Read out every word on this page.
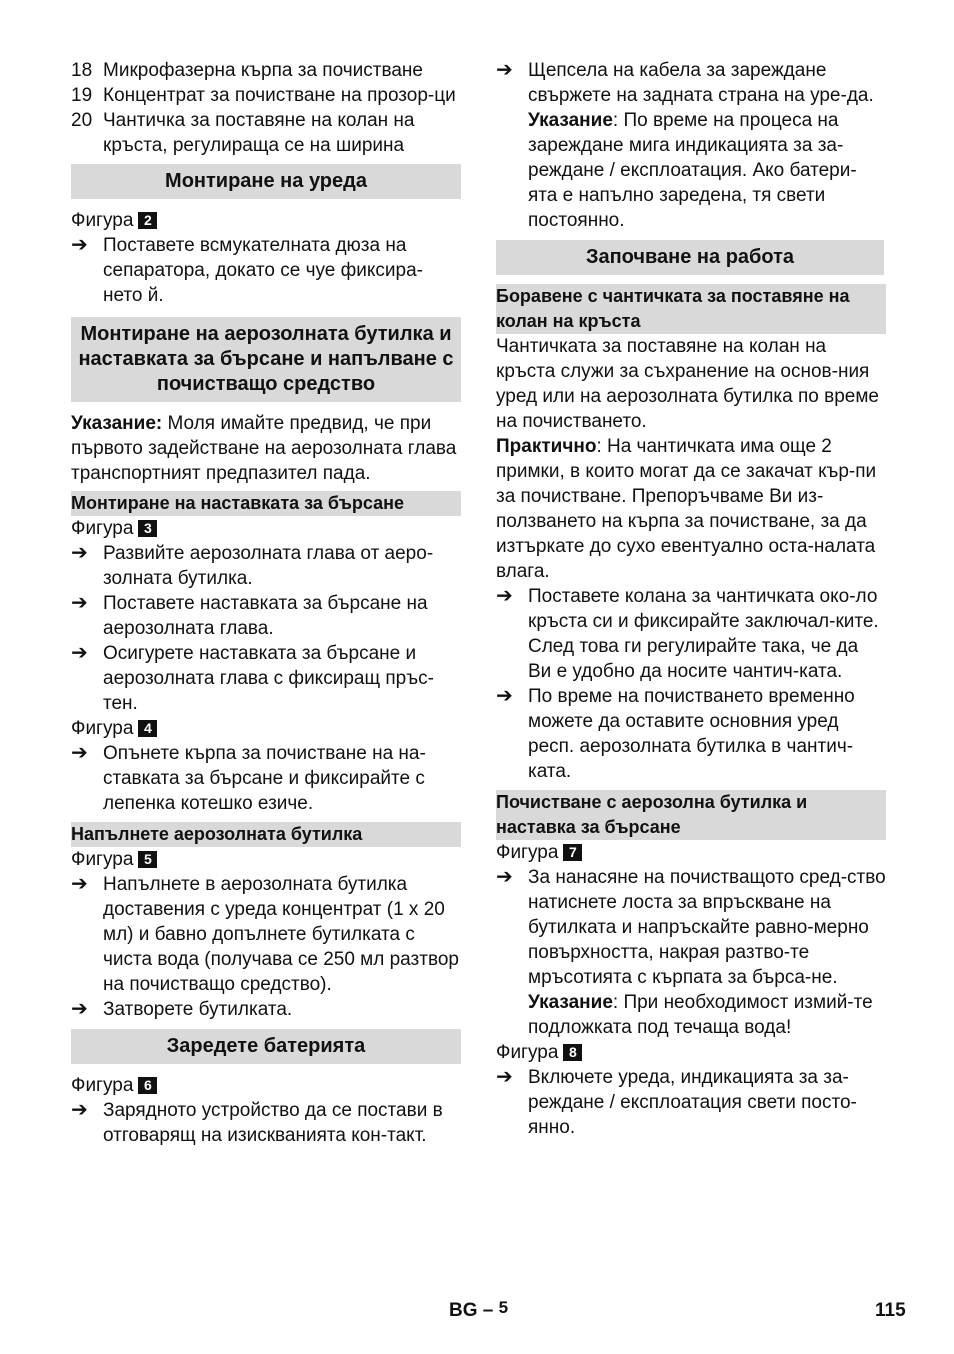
18 Микрофазерна кърпа за почистване
19 Концентрат за почистване на прозор-ци
20 Чантичка за поставяне на колан на кръста, регулираща се на ширина
Монтиране на уреда
Фигура 2
➔ Поставете всмукателната дюза на сепаратора, докато се чуе фиксира-нето й.
Монтиране на аерозолната бутилка и наставката за бърсане и напълване с почистващо средство

Указание: Моля имайте предвид, че при първото задействане на аерозолната глава транспортният предпазител пада.

Монтиране на наставката за бърсане
Фигура 3
➔ Развийте аерозолната глава от аеро-золната бутилка.
➔ Поставете наставката за бърсане на аерозолната глава.
➔ Осигурете наставката за бърсане и аерозолната глава с фиксиращ пръс-тен.
Фигура 4
➔ Опънете кърпа за почистване на на-ставката за бърсане и фиксирайте с лепенка котешко езиче.
Напълнете аерозолната бутилка
Фигура 5
➔ Напълнете в аерозолната бутилка доставения с уреда концентрат (1 х 20 мл) и бавно допълнете бутилката с чиста вода (получава се 250 мл разтвор на почистващо средство).
➔ Затворете бутилката.
Заредете батерията
Фигура 6
➔ Зарядното устройство да се постави в отговарящ на изискванията кон-такт.
➔ Щепсела на кабела за зареждане свържете на задната страна на уре-да.

Указание: По време на процеса на зареждане мига индикацията за за-реждане / експлоатация. Ако батери-ята е напълно заредена, тя свети постоянно.

Започване на работа
Боравене с чантичката за поставяне на колан на кръста

Чантичката за поставяне на колан на кръста служи за съхранение на основ-ния уред или на аерозолната бутилка по време на почистването.

Практично: На чантичката има още 2 примки, в които могат да се закачат кър-пи за почистване. Препоръчваме Ви из-ползването на кърпа за почистване, за да изтъркате до сухо евентуално оста-налата влага.

➔ Поставете колана за чантичката око-ло кръста си и фиксирайте заключал-ките. След това ги регулирайте така, че да Ви е удобно да носите чантич-ката.
➔ По време на почистването временно можете да оставите основния уред респ. аерозолната бутилка в чантич-ката.
Почистване с аерозолна бутилка и наставка за бърсане
Фигура 7
➔ За нанасяне на почистващото сред-ство натиснете лоста за впръскване на бутилката и напръскайте равно-мерно повърхността, накрая разтво-те мръсотията с кърпата за бърса-не.

Указание: При необходимост измий-те подложката под течаща вода!

Фигура 8
➔ Включете уреда, индикацията за за-реждане / експлоатация свети посто-янно.
BG – 5	115
